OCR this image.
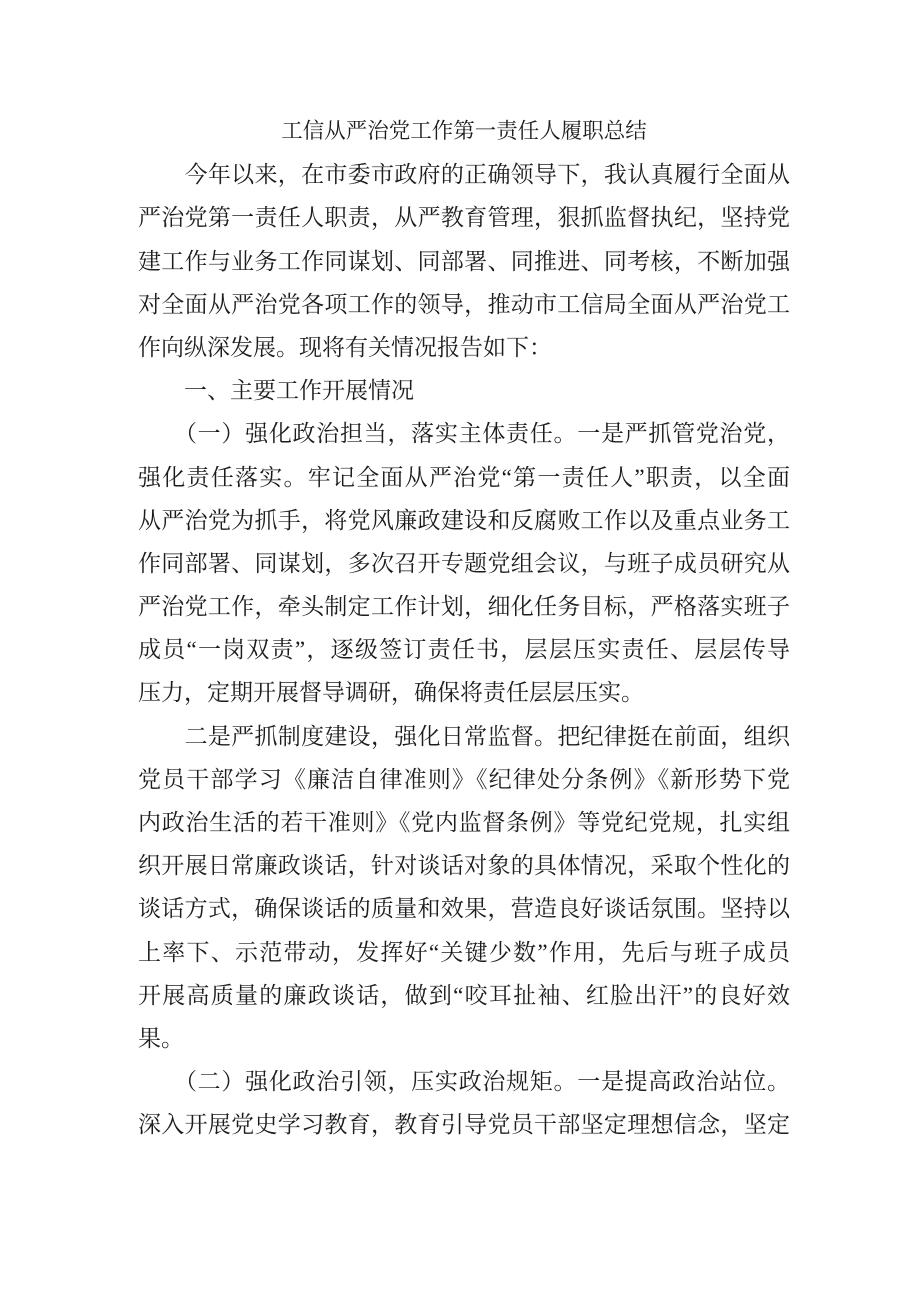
工信从严治党工作第一责任人履职总结
　　今年以来，在市委市政府的正确领导下，我认真履行全面从
严治党第一责任人职责，从严教育管理，狠抓监督执纪，坚持党
建工作与业务工作同谋划、同部署、同推进、同考核，不断加强
对全面从严治党各项工作的领导，推动市工信局全面从严治党工
作向纵深发展。现将有关情况报告如下：
　　一、主要工作开展情况
　　（一）强化政治担当，落实主体责任。一是严抓管党治党，
强化责任落实。牢记全面从严治党“第一责任人”职责，以全面
从严治党为抓手，将党风廉政建设和反腐败工作以及重点业务工
作同部署、同谋划，多次召开专题党组会议，与班子成员研究从
严治党工作，牵头制定工作计划，细化任务目标，严格落实班子
成员“一岗双责”，逐级签订责任书，层层压实责任、层层传导
压力，定期开展督导调研，确保将责任层层压实。
　　二是严抓制度建设，强化日常监督。把纪律挺在前面，组织
党员干部学习《廉洁自律准则》《纪律处分条例》《新形势下党
内政治生活的若干准则》《党内监督条例》等党纪党规，扎实组
织开展日常廉政谈话，针对谈话对象的具体情况，采取个性化的
谈话方式，确保谈话的质量和效果，营造良好谈话氛围。坚持以
上率下、示范带动，发挥好“关键少数”作用，先后与班子成员
开展高质量的廉政谈话，做到“咬耳扯袖、红脸出汗”的良好效
果。
　　（二）强化政治引领，压实政治规矩。一是提高政治站位。
深入开展党史学习教育，教育引导党员干部坚定理想信念，坚定
